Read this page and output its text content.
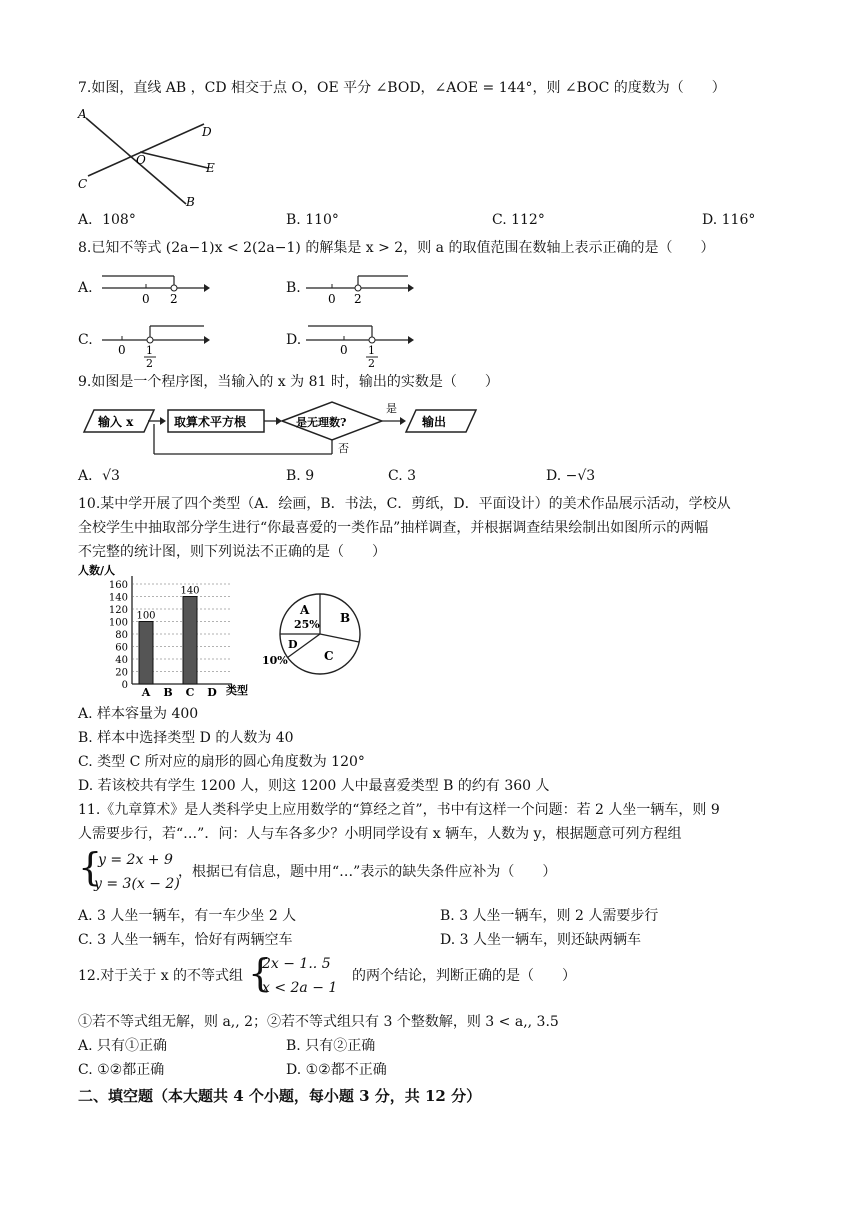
7.如图，直线 AB ，CD 相交于点 O，OE 平分 ∠BOD，∠AOE = 144°，则 ∠BOC 的度数为（　　）
A
D
O
E
C
B
A．108°	B. 110°	C. 112°	D. 116°
8.已知不等式 (2a−1)x < 2(2a−1) 的解集是 x > 2，则 a 的取值范围在数轴上表示正确的是（　　）
A.
0 2
B.
0 2
C.
0 1
2
D.
0 1
2
9.如图是一个程序图，当输入的 x 为 81 时，输出的实数是（　　）
输入 x	取算术平方根	是无理数?
是
输出
否
A．√3	B. 9	C. 3	D. −√3
10.某中学开展了四个类型（A．绘画，B．书法，C．剪纸，D．平面设计）的美术作品展示活动，学校从
全校学生中抽取部分学生进行“你最喜爱的一类作品”抽样调查，并根据调查结果绘制出如图所示的两幅
不完整的统计图，则下列说法不正确的是（　　）
人数/人
0
20
40
60
80
100
120
140
160
100
140
A B C D 类型
A
25% B
C
D
10%
A. 样本容量为 400
B. 样本中选择类型 D 的人数为 40
C. 类型 C 所对应的扇形的圆心角度数为 120°
D. 若该校共有学生 1200 人，则这 1200 人中最喜爱类型 B 的约有 360 人
11.《九章算术》是人类科学史上应用数学的“算经之首”，书中有这样一个问题：若 2 人坐一辆车，则 9
人需要步行，若“…”．问：人与车各多少？小明同学设有 x 辆车，人数为 y，根据题意可列方程组
{
y = 2x + 9
y = 3(x − 2)
，根据已有信息，题中用“…”表示的缺失条件应补为（　　）
A. 3 人坐一辆车，有一车少坐 2 人	B. 3 人坐一辆车，则 2 人需要步行
C. 3 人坐一辆车，恰好有两辆空车	D. 3 人坐一辆车，则还缺两辆车
12.对于关于 x 的不等式组 {
2x − 1.. 5
x < 2a − 1
的两个结论，判断正确的是（　　）
①若不等式组无解，则 a,, 2；②若不等式组只有 3 个整数解，则 3 < a,, 3.5
A. 只有①正确	B. 只有②正确
C. ①②都正确	D. ①②都不正确
二、填空题（本大题共 4 个小题，每小题 3 分，共 12 分）
